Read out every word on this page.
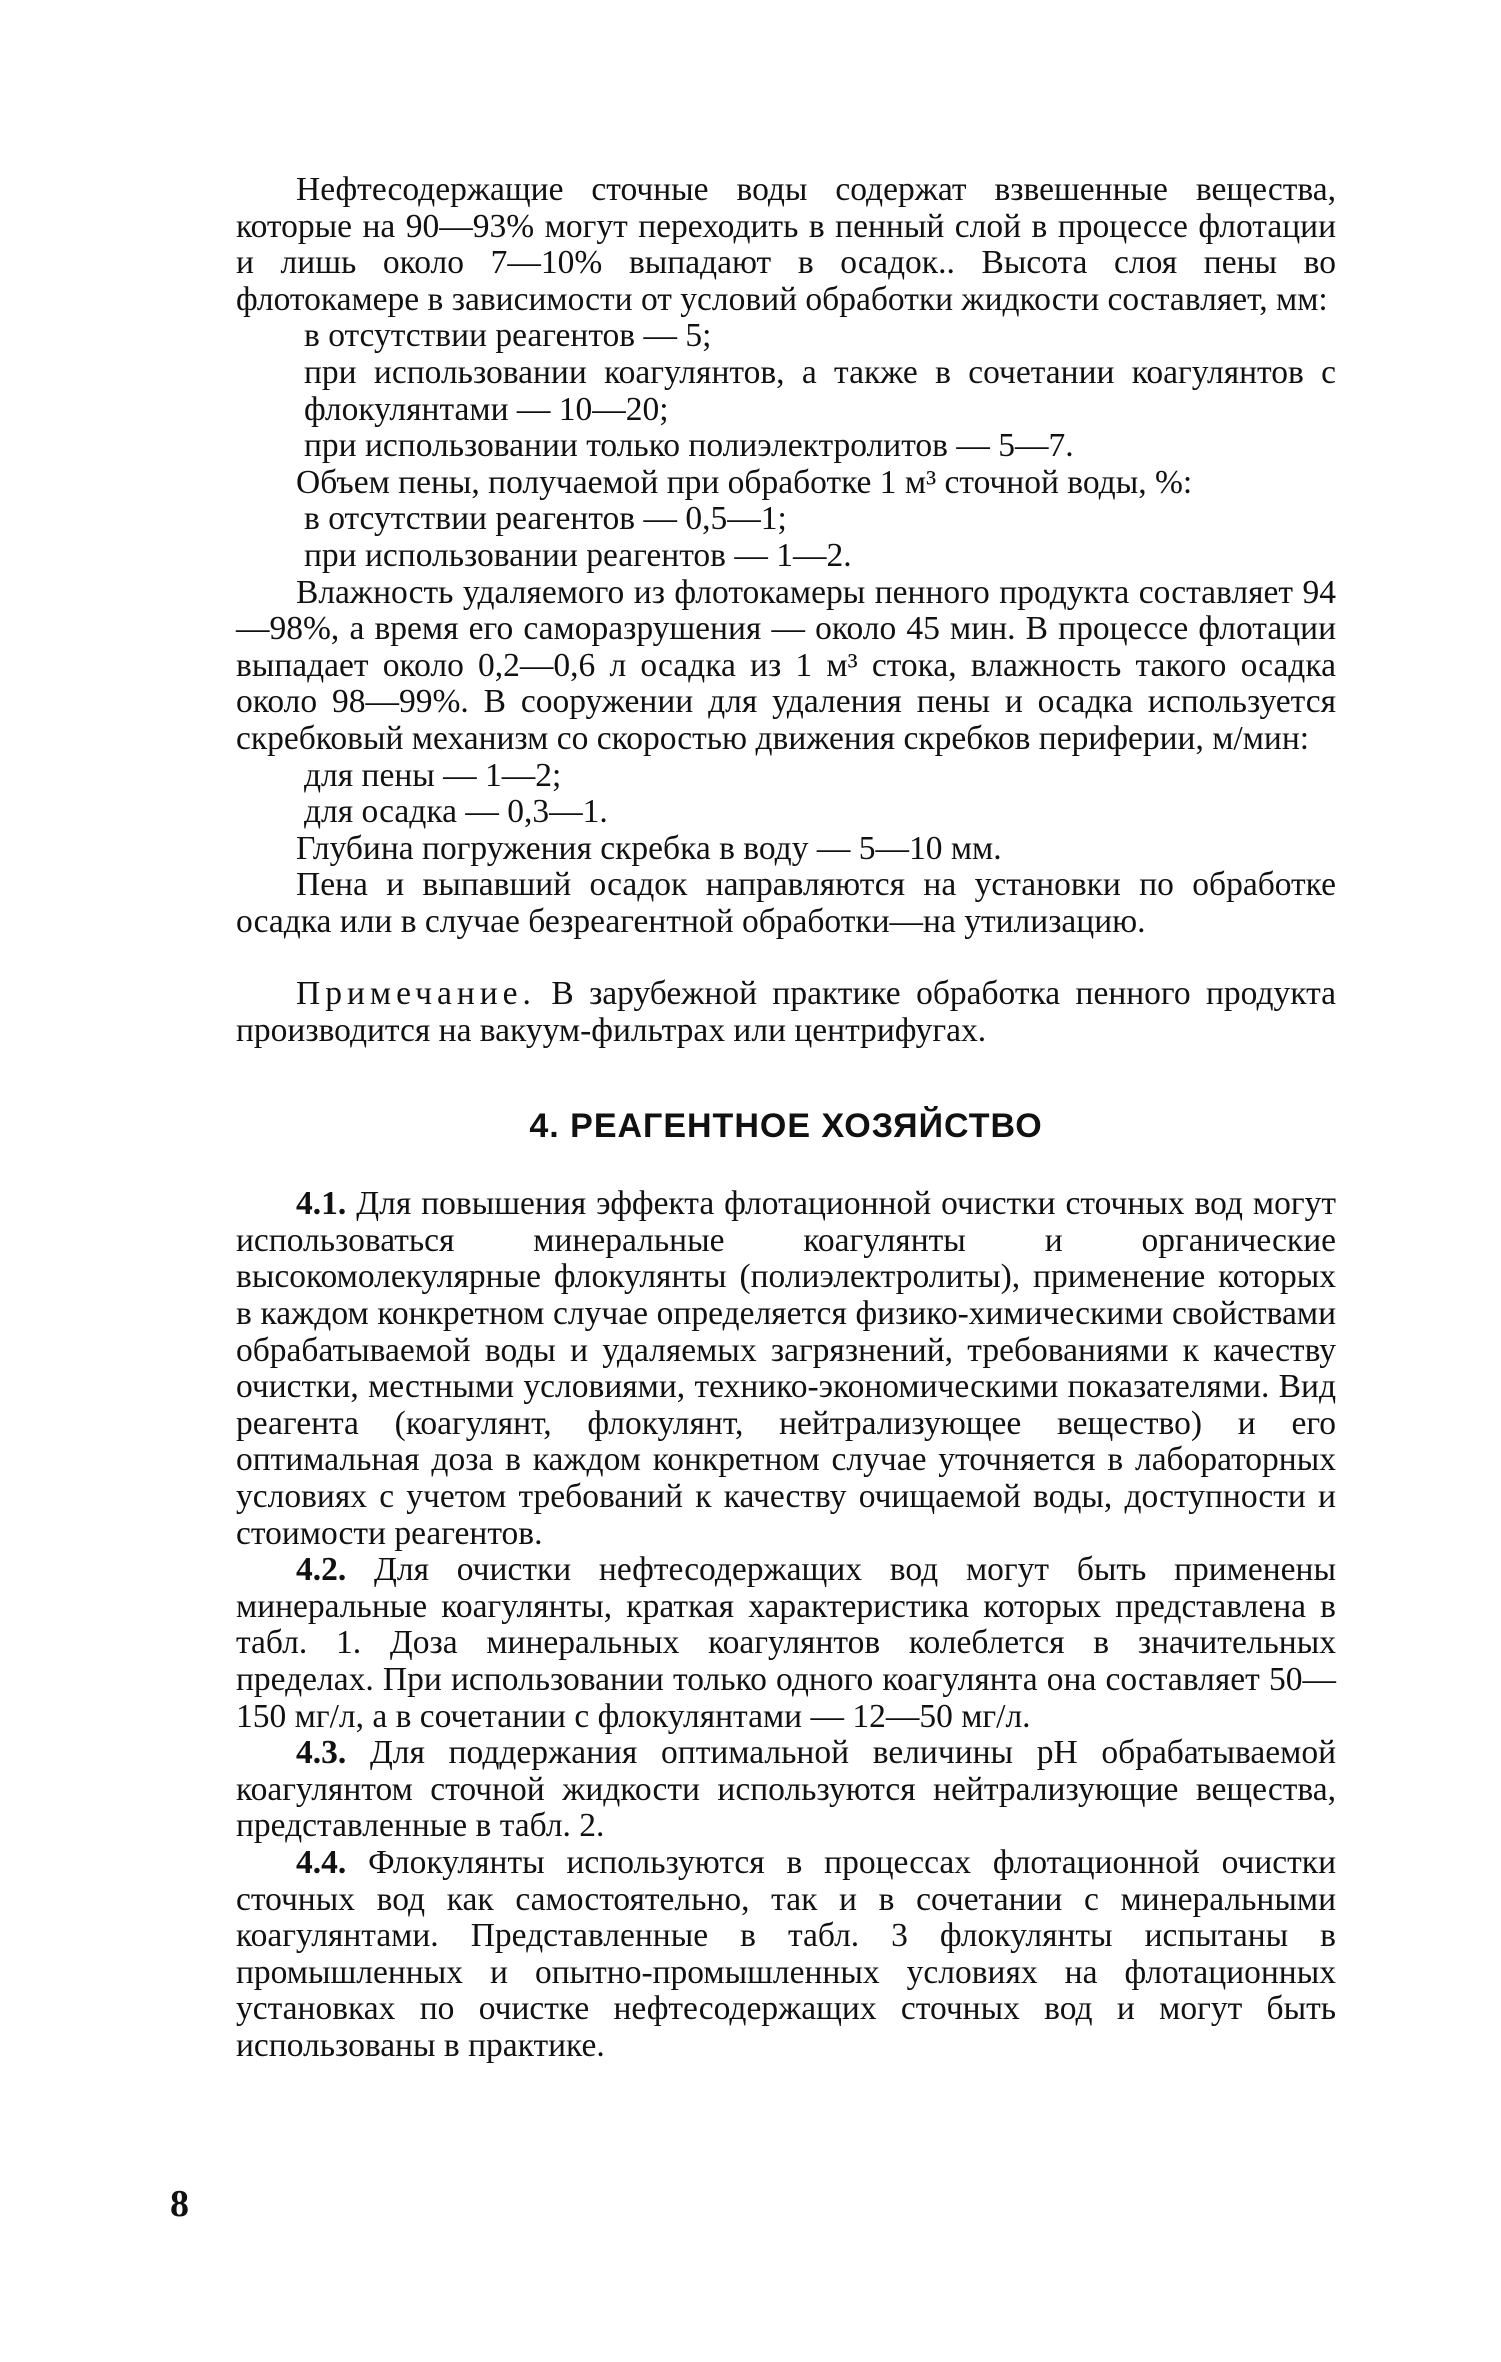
Нефтесодержащие сточные воды содержат взвешенные вещества, которые на 90—93% могут переходить в пенный слой в процессе флотации и лишь около 7—10% выпадают в осадок.. Высота слоя пены во флотокамере в зависимости от условий обработки жидкости составляет, мм:

в отсутствии реагентов — 5;

при использовании коагулянтов, а также в сочетании коагулянтов с флокулянтами — 10—20;

при использовании только полиэлектролитов — 5—7.

Объем пены, получаемой при обработке 1 м³ сточной воды, %:

в отсутствии реагентов — 0,5—1;

при использовании реагентов — 1—2.

Влажность удаляемого из флотокамеры пенного продукта составляет 94—98%, а время его саморазрушения — около 45 мин. В процессе флотации выпадает около 0,2—0,6 л осадка из 1 м³ стока, влажность такого осадка около 98—99%. В сооружении для удаления пены и осадка используется скребковый механизм со скоростью движения скребков периферии, м/мин:

для пены — 1—2;

для осадка — 0,3—1.

Глубина погружения скребка в воду — 5—10 мм.

Пена и выпавший осадок направляются на установки по обработке осадка или в случае безреагентной обработки—на утилизацию.

Примечание. В зарубежной практике обработка пенного продукта производится на вакуум-фильтрах или центрифугах.

4. РЕАГЕНТНОЕ ХОЗЯЙСТВО

4.1. Для повышения эффекта флотационной очистки сточных вод могут использоваться минеральные коагулянты и органические высокомолекулярные флокулянты (полиэлектролиты), применение которых в каждом конкретном случае определяется физико-химическими свойствами обрабатываемой воды и удаляемых загрязнений, требованиями к качеству очистки, местными условиями, технико-экономическими показателями. Вид реагента (коагулянт, флокулянт, нейтрализующее вещество) и его оптимальная доза в каждом конкретном случае уточняется в лабораторных условиях с учетом требований к качеству очищаемой воды, доступности и стоимости реагентов.

4.2. Для очистки нефтесодержащих вод могут быть применены минеральные коагулянты, краткая характеристика которых представлена в табл. 1. Доза минеральных коагулянтов колеблется в значительных пределах. При использовании только одного коагулянта она составляет 50—150 мг/л, а в сочетании с флокулянтами — 12—50 мг/л.

4.3. Для поддержания оптимальной величины pH обрабатываемой коагулянтом сточной жидкости используются нейтрализующие вещества, представленные в табл. 2.

4.4. Флокулянты используются в процессах флотационной очистки сточных вод как самостоятельно, так и в сочетании с минеральными коагулянтами. Представленные в табл. 3 флокулянты испытаны в промышленных и опытно-промышленных условиях на флотационных установках по очистке нефтесодержащих сточных вод и могут быть использованы в практике.

8
